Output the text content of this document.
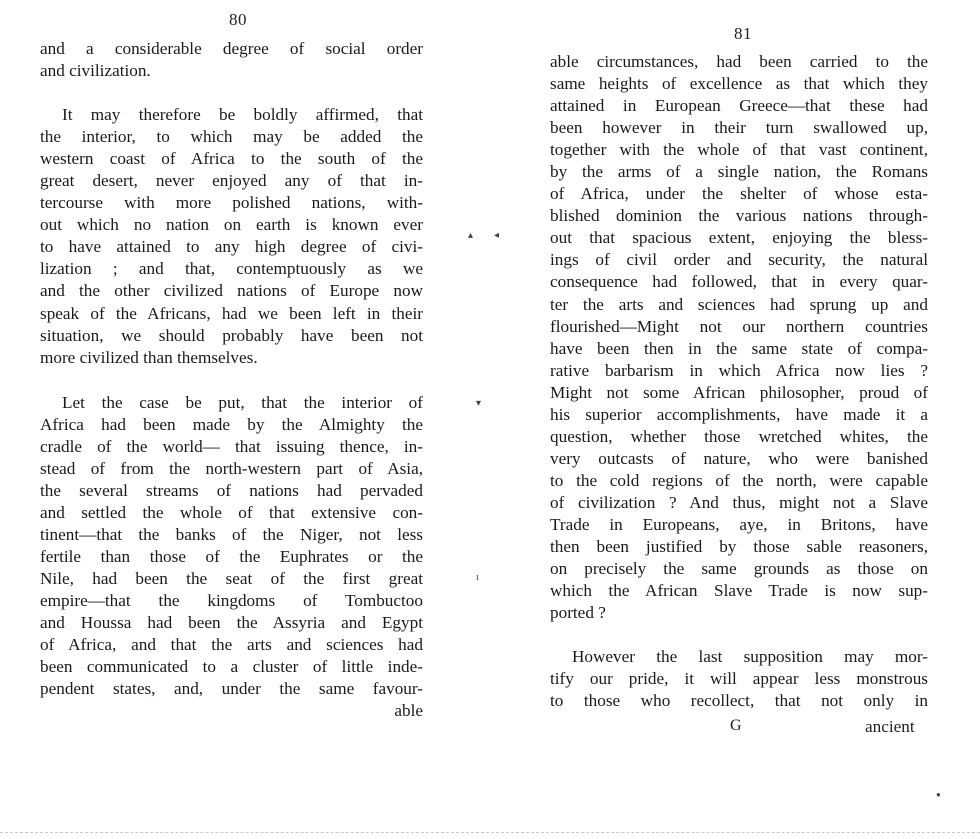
80
and a considerable degree of social order
and civilization.
It may therefore be boldly affirmed, that
the interior, to which may be added the
western coast of Africa to the south of the
great desert, never enjoyed any of that in-
tercourse with more polished nations, with-
out which no nation on earth is known ever
to have attained to any high degree of civi-
lization ; and that, contemptuously as we
and the other civilized nations of Europe now
speak of the Africans, had we been left in their
situation, we should probably have been not
more civilized than themselves.
Let the case be put, that the interior of
Africa had been made by the Almighty the
cradle of the world— that issuing thence, in-
stead of from the north-western part of Asia,
the several streams of nations had pervaded
and settled the whole of that extensive con-
tinent—that the banks of the Niger, not less
fertile than those of the Euphrates or the
Nile, had been the seat of the first great
empire—that the kingdoms of Tombuctoo
and Houssa had been the Assyria and Egypt
of Africa, and that the arts and sciences had
been communicated to a cluster of little inde-
pendent states, and, under the same favour-
able
▴ ◂
▾
ı
81
able circumstances, had been carried to the
same heights of excellence as that which they
attained in European Greece—that these had
been however in their turn swallowed up,
together with the whole of that vast continent,
by the arms of a single nation, the Romans
of Africa, under the shelter of whose esta-
blished dominion the various nations through-
out that spacious extent, enjoying the bless-
ings of civil order and security, the natural
consequence had followed, that in every quar-
ter the arts and sciences had sprung up and
flourished—Might not our northern countries
have been then in the same state of compa-
rative barbarism in which Africa now lies ?
Might not some African philosopher, proud of
his superior accomplishments, have made it a
question, whether those wretched whites, the
very outcasts of nature, who were banished
to the cold regions of the north, were capable
of civilization ? And thus, might not a Slave
Trade in Europeans, aye, in Britons, have
then been justified by those sable reasoners,
on precisely the same grounds as those on
which the African Slave Trade is now sup-
ported ?
However the last supposition may mor-
tify our pride, it will appear less monstrous
to those who recollect, that not only in
G	ancient
●
